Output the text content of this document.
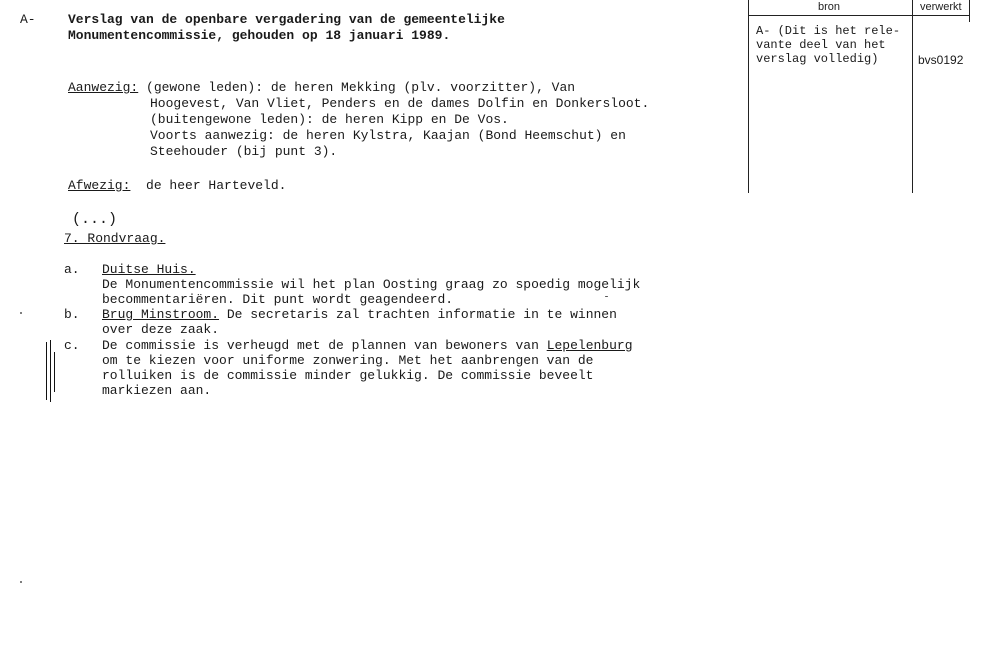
A- Verslag van de openbare vergadering van de gemeentelijke
Monumentencommissie, gehouden op 18 januari 1989.
Aanwezig: (gewone leden): de heren Mekking (plv. voorzitter), Van
Hoogevest, Van Vliet, Penders en de dames Dolfin en Donkersloot.
(buitengewone leden): de heren Kipp en De Vos.
Voorts aanwezig: de heren Kylstra, Kaajan (Bond Heemschut) en
Steehouder (bij punt 3).
Afwezig:  de heer Harteveld.
(...)
7. Rondvraag.
a. Duitse Huis.
De Monumentencommissie wil het plan Oosting graag zo spoedig mogelijk
becommentariëren. Dit punt wordt geagendeerd.
b. Brug Minstroom. De secretaris zal trachten informatie in te winnen
over deze zaak.
c. De commissie is verheugd met de plannen van bewoners van Lepelenburg
om te kiezen voor uniforme zonwering. Met het aanbrengen van de
rolluiken is de commissie minder gelukkig. De commissie beveelt
markiezen aan.
bron	verwerkt
A- (Dit is het rele-
vante deel van het
verslag volledig)	bvs0192
